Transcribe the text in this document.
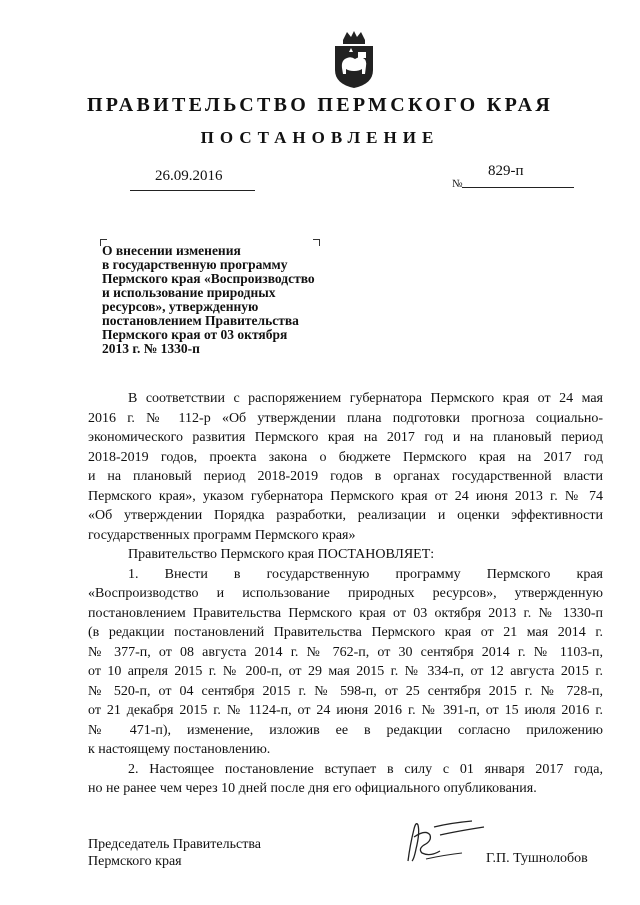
ПРАВИТЕЛЬСТВО ПЕРМСКОГО КРАЯ
ПОСТАНОВЛЕНИЕ
26.09.2016	№
829-п
О внесении изменения
в государственную программу
Пермского края «Воспроизводство
и использование природных
ресурсов», утвержденную
постановлением Правительства
Пермского края от 03 октября
2013 г. № 1330-п
В соответствии с распоряжением губернатора Пермского края от 24 мая
2016 г. № 112-р «Об утверждении плана подготовки прогноза социально-
экономического развития Пермского края на 2017 год и на плановый период
2018-2019 годов, проекта закона о бюджете Пермского края на 2017 год
и на плановый период 2018-2019 годов в органах государственной власти
Пермского края», указом губернатора Пермского края от 24 июня 2013 г. № 74
«Об утверждении Порядка разработки, реализации и оценки эффективности
государственных программ Пермского края»
Правительство Пермского края ПОСТАНОВЛЯЕТ:
1. Внести в государственную программу Пермского края
«Воспроизводство и использование природных ресурсов», утвержденную
постановлением Правительства Пермского края от 03 октября 2013 г. № 1330-п
(в редакции постановлений Правительства Пермского края от 21 мая 2014 г.
№ 377-п, от 08 августа 2014 г. № 762-п, от 30 сентября 2014 г. № 1103-п,
от 10 апреля 2015 г. № 200-п, от 29 мая 2015 г. № 334-п, от 12 августа 2015 г.
№ 520-п, от 04 сентября 2015 г. № 598-п, от 25 сентября 2015 г. № 728-п,
от 21 декабря 2015 г. № 1124-п, от 24 июня 2016 г. № 391-п, от 15 июля 2016 г.
№ 471-п), изменение, изложив ее в редакции согласно приложению
к настоящему постановлению.
2. Настоящее постановление вступает в силу с 01 января 2017 года,
но не ранее чем через 10 дней после дня его официального опубликования.
Председатель Правительства
Пермского края	Г.П. Тушнолобов
